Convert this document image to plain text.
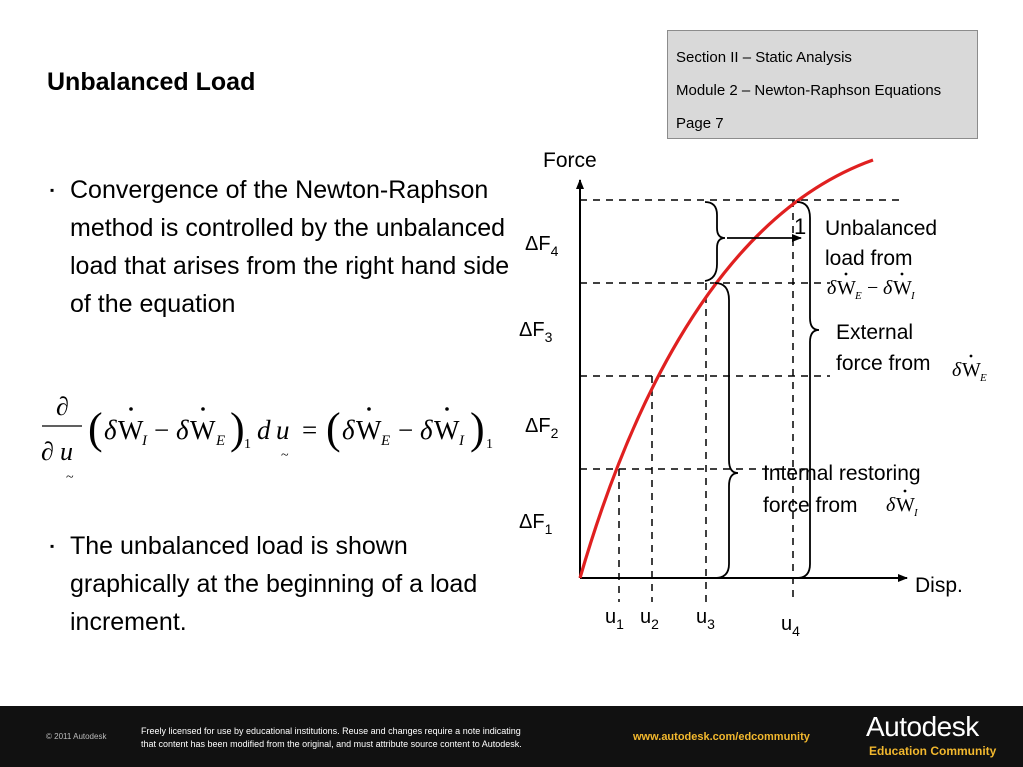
Unbalanced Load
Section II – Static Analysis
Module 2 – Newton-Raphson Equations
Page 7
▪ Convergence of the Newton-Raphson method is controlled by the unbalanced load that arises from the right hand side of the equation
∂
∂ u
~
( δ W
I − δ W E ) 1 d u
~
= ( δ W E − δ W I ) 1
▪ The unbalanced load is shown graphically at the beginning of a load increment.
Force
Disp.
1
$\Delta F_4$
$\Delta F_3$
$\Delta F_2$
$\Delta F_1$
$u_1$ $u_2$ $u_3$	$u_4$
Unbalanced
load from
External
force from
Internal restoring
force from
δ W E − δ W I
δ W E
δ W I
© 2011 Autodesk
Freely licensed for use by educational institutions. Reuse and changes require a note indicating
that content has been modified from the original, and must attribute source content to Autodesk.
www.autodesk.com/edcommunity Autodesk
Education Community
